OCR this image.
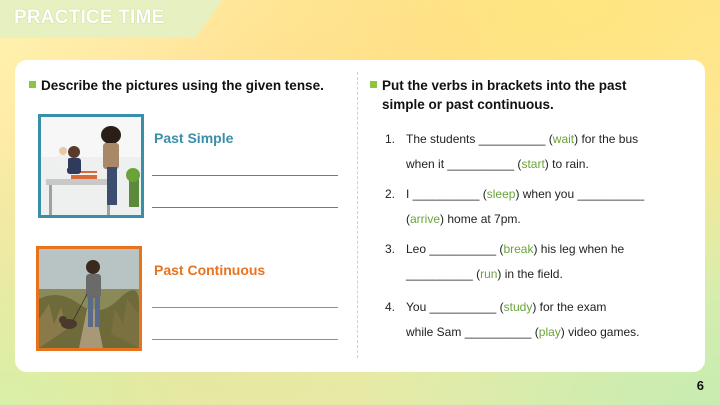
PRACTICE TIME
Describe the pictures using the given tense.
Past Simple
Past Continuous
Put the verbs in brackets into the past
simple or past continuous.
1. The students __________ (wait) for the bus
when it __________ (start) to rain.
2. I __________ (sleep) when you __________
(arrive) home at 7pm.
3. Leo __________ (break) his leg when he
__________ (run) in the field.
4. You __________ (study) for the exam
while Sam __________ (play) video games.
6
